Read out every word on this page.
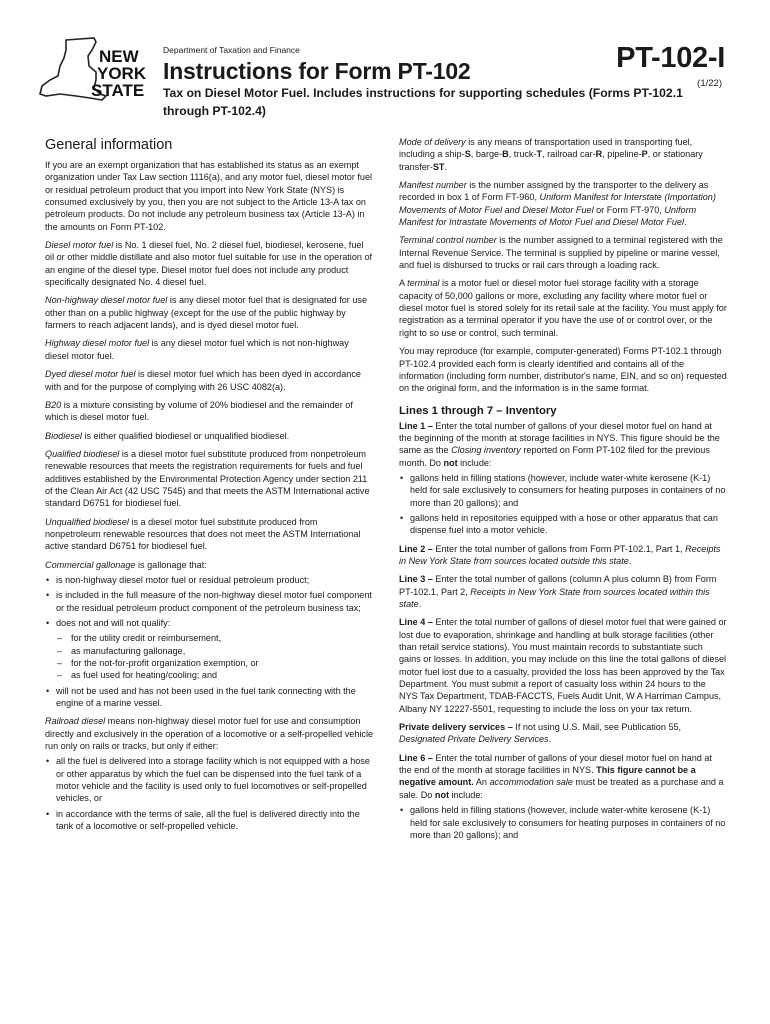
NEW
YORK
STATE
Department of Taxation and Finance
Instructions for Form PT-102	PT-102-I
(1/22)
Tax on Diesel Motor Fuel. Includes instructions for supporting schedules (Forms PT-102.1 through PT-102.4)
General information

If you are an exempt organization that has established its status as an exempt organization under Tax Law section 1116(a), and any motor fuel, diesel motor fuel or residual petroleum product that you import into New York State (NYS) is consumed exclusively by you, then you are not subject to the Article 13-A tax on petroleum products. Do not include any petroleum business tax (Article 13-A) in the amounts on Form PT-102.

Diesel motor fuel is No. 1 diesel fuel, No. 2 diesel fuel, biodiesel, kerosene, fuel oil or other middle distillate and also motor fuel suitable for use in the operation of an engine of the diesel type. Diesel motor fuel does not include any product specifically designated No. 4 diesel fuel.

Non-highway diesel motor fuel is any diesel motor fuel that is designated for use other than on a public highway (except for the use of the public highway by farmers to reach adjacent lands), and is dyed diesel motor fuel.

Highway diesel motor fuel is any diesel motor fuel which is not non-highway diesel motor fuel.

Dyed diesel motor fuel is diesel motor fuel which has been dyed in accordance with and for the purpose of complying with 26 USC 4082(a).

B20 is a mixture consisting by volume of 20% biodiesel and the remainder of which is diesel motor fuel.

Biodiesel is either qualified biodiesel or unqualified biodiesel.

Qualified biodiesel is a diesel motor fuel substitute produced from nonpetroleum renewable resources that meets the registration requirements for fuels and fuel additives established by the Environmental Protection Agency under section 211 of the Clean Air Act (42 USC 7545) and that meets the ASTM International active standard D6751 for biodiesel fuel.

Unqualified biodiesel is a diesel motor fuel substitute produced from nonpetroleum renewable resources that does not meet the ASTM International active standard D6751 for biodiesel fuel.

Commercial gallonage is gallonage that:

• is non-highway diesel motor fuel or residual petroleum product;
• is included in the full measure of the non-highway diesel motor fuel component or the residual petroleum product component of the petroleum business tax;
• does not and will not qualify:
– for the utility credit or reimbursement,
– as manufacturing gallonage,
– for the not-for-profit organization exemption, or
– as fuel used for heating/cooling; and
• will not be used and has not been used in the fuel tank connecting with the engine of a marine vessel.

Railroad diesel means non-highway diesel motor fuel for use and consumption directly and exclusively in the operation of a locomotive or a self-propelled vehicle run only on rails or tracks, but only if either:

• all the fuel is delivered into a storage facility which is not equipped with a hose or other apparatus by which the fuel can be dispensed into the fuel tank of a motor vehicle and the facility is used only to fuel locomotives or self-propelled vehicles, or
• in accordance with the terms of sale, all the fuel is delivered directly into the tank of a locomotive or self-propelled vehicle.

Mode of delivery is any means of transportation used in transporting fuel, including a ship-S, barge-B, truck-T, railroad car-R, pipeline-P, or stationary transfer-ST.

Manifest number is the number assigned by the transporter to the delivery as recorded in box 1 of Form FT-960, Uniform Manifest for Interstate (Importation) Movements of Motor Fuel and Diesel Motor Fuel or Form FT-970, Uniform Manifest for Intrastate Movements of Motor Fuel and Diesel Motor Fuel.

Terminal control number is the number assigned to a terminal registered with the Internal Revenue Service. The terminal is supplied by pipeline or marine vessel, and fuel is disbursed to trucks or rail cars through a loading rack.

A terminal is a motor fuel or diesel motor fuel storage facility with a storage capacity of 50,000 gallons or more, excluding any facility where motor fuel or diesel motor fuel is stored solely for its retail sale at the facility. You must apply for registration as a terminal operator if you have the use of or control over, or the right to so use or control, such terminal.

You may reproduce (for example, computer-generated) Forms PT-102.1 through PT-102.4 provided each form is clearly identified and contains all of the information (including form number, distributor's name, EIN, and so on) requested on the original form, and the information is in the same format.

Lines 1 through 7 – Inventory

Line 1 – Enter the total number of gallons of your diesel motor fuel on hand at the beginning of the month at storage facilities in NYS. This figure should be the same as the Closing inventory reported on Form PT-102 filed for the previous month. Do not include:

• gallons held in filling stations (however, include water-white kerosene (K-1) held for sale exclusively to consumers for heating purposes in containers of no more than 20 gallons); and
• gallons held in repositories equipped with a hose or other apparatus that can dispense fuel into a motor vehicle.

Line 2 – Enter the total number of gallons from Form PT-102.1, Part 1, Receipts in New York State from sources located outside this state.

Line 3 – Enter the total number of gallons (column A plus column B) from Form PT-102.1, Part 2, Receipts in New York State from sources located within this state.

Line 4 – Enter the total number of gallons of diesel motor fuel that were gained or lost due to evaporation, shrinkage and handling at bulk storage facilities (other than retail service stations). You must maintain records to substantiate such gains or losses. In addition, you may include on this line the total gallons of diesel motor fuel lost due to a casualty, provided the loss has been approved by the Tax Department. You must submit a report of casualty loss within 24 hours to the NYS Tax Department, TDAB-FACCTS, Fuels Audit Unit, W A Harriman Campus, Albany NY 12227-5501, requesting to include the loss on your tax return.

Private delivery services – If not using U.S. Mail, see Publication 55, Designated Private Delivery Services.

Line 6 – Enter the total number of gallons of your diesel motor fuel on hand at the end of the month at storage facilities in NYS. This figure cannot be a negative amount. An accommodation sale must be treated as a purchase and a sale. Do not include:

• gallons held in filling stations (however, include water-white kerosene (K-1) held for sale exclusively to consumers for heating purposes in containers of no more than 20 gallons); and
